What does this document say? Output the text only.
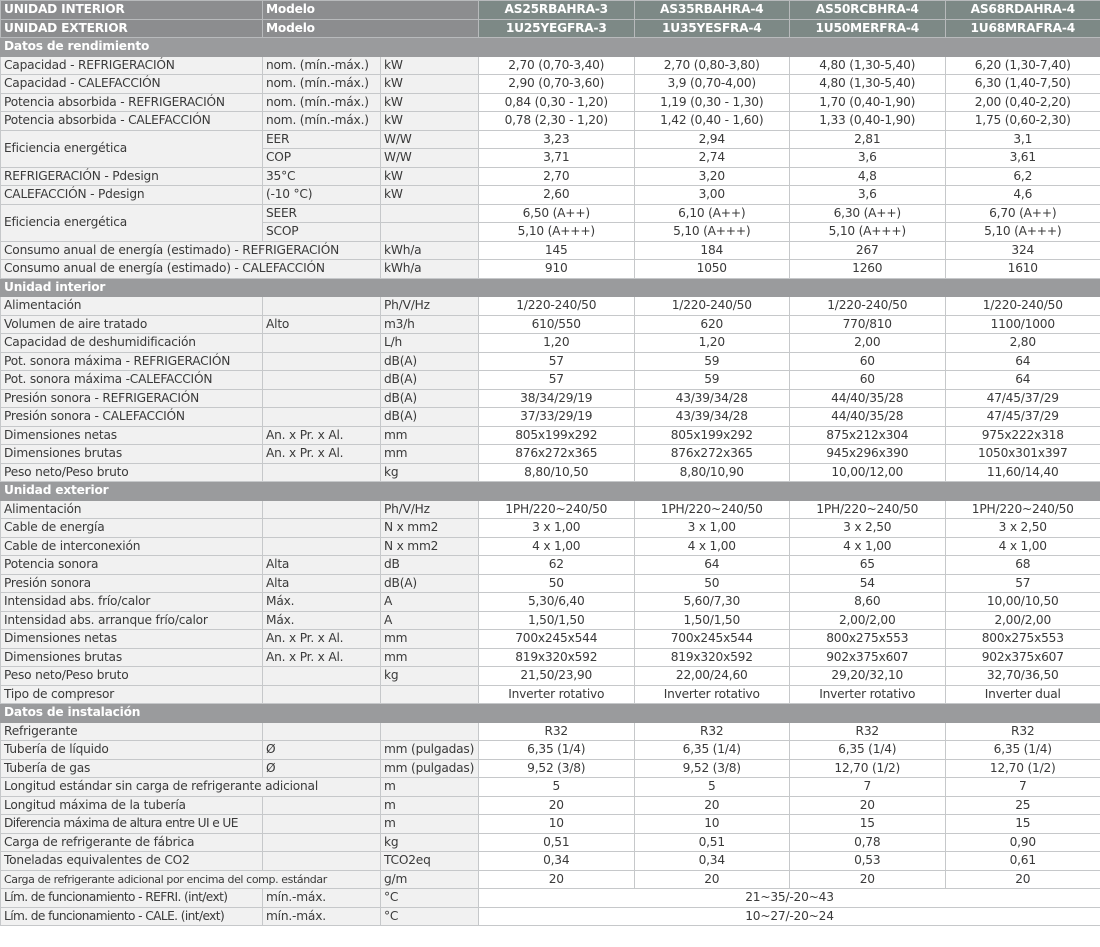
UNIDAD INTERIOR	Modelo		AS25RBAHRA-3	AS35RBAHRA-4	AS50RCBHRA-4	AS68RDAHRA-4
UNIDAD EXTERIOR	Modelo		1U25YEGFRA-3	1U35YESFRA-4	1U50MERFRA-4	1U68MRAFRA-4
Datos de rendimiento						
Capacidad - REFRIGERACIÓN	nom. (mín.-máx.)	kW	2,70 (0,70-3,40)	2,70 (0,80-3,80)	4,80 (1,30-5,40)	6,20 (1,30-7,40)
Capacidad - CALEFACCIÓN	nom. (mín.-máx.)	kW	2,90 (0,70-3,60)	3,9 (0,70-4,00)	4,80 (1,30-5,40)	6,30 (1,40-7,50)
Potencia absorbida - REFRIGERACIÓN	nom. (mín.-máx.)	kW	0,84 (0,30 - 1,20)	1,19 (0,30 - 1,30)	1,70 (0,40-1,90)	2,00 (0,40-2,20)
Potencia absorbida - CALEFACCIÓN	nom. (mín.-máx.)	kW	0,78 (2,30 - 1,20)	1,42 (0,40 - 1,60)	1,33 (0,40-1,90)	1,75 (0,60-2,30)
Eficiencia energética	EER	W/W	3,23	2,94	2,81	3,1
	COP	W/W	3,71	2,74	3,6	3,61
REFRIGERACIÓN - Pdesign	35°C	kW	2,70	3,20	4,8	6,2
CALEFACCIÓN - Pdesign	(-10 °C)	kW	2,60	3,00	3,6	4,6
Eficiencia energética	SEER		6,50 (A++)	6,10 (A++)	6,30 (A++)	6,70 (A++)
	SCOP		5,10 (A+++)	5,10 (A+++)	5,10 (A+++)	5,10 (A+++)
Consumo anual de energía (estimado) - REFRIGERACIÓN		kWh/a	145	184	267	324
Consumo anual de energía (estimado) - CALEFACCIÓN		kWh/a	910	1050	1260	1610
Unidad interior						
Alimentación		Ph/V/Hz	1/220-240/50	1/220-240/50	1/220-240/50	1/220-240/50
Volumen de aire tratado	Alto	m3/h	610/550	620	770/810	1100/1000
Capacidad de deshumidificación		L/h	1,20	1,20	2,00	2,80
Pot. sonora máxima - REFRIGERACIÓN		dB(A)	57	59	60	64
Pot. sonora máxima -CALEFACCIÓN		dB(A)	57	59	60	64
Presión sonora - REFRIGERACIÓN		dB(A)	38/34/29/19	43/39/34/28	44/40/35/28	47/45/37/29
Presión sonora - CALEFACCIÓN		dB(A)	37/33/29/19	43/39/34/28	44/40/35/28	47/45/37/29
Dimensiones netas	An. x Pr. x Al.	mm	805x199x292	805x199x292	875x212x304	975x222x318
Dimensiones brutas	An. x Pr. x Al.	mm	876x272x365	876x272x365	945x296x390	1050x301x397
Peso neto/Peso bruto		kg	8,80/10,50	8,80/10,90	10,00/12,00	11,60/14,40
Unidad exterior						
Alimentación		Ph/V/Hz	1PH/220~240/50	1PH/220~240/50	1PH/220~240/50	1PH/220~240/50
Cable de energía		N x mm2	3 x 1,00	3 x 1,00	3 x 2,50	3 x 2,50
Cable de interconexión		N x mm2	4 x 1,00	4 x 1,00	4 x 1,00	4 x 1,00
Potencia sonora	Alta	dB	62	64	65	68
Presión sonora	Alta	dB(A)	50	50	54	57
Intensidad abs. frío/calor	Máx.	A	5,30/6,40	5,60/7,30	8,60	10,00/10,50
Intensidad abs. arranque frío/calor	Máx.	A	1,50/1,50	1,50/1,50	2,00/2,00	2,00/2,00
Dimensiones netas	An. x Pr. x Al.	mm	700x245x544	700x245x544	800x275x553	800x275x553
Dimensiones brutas	An. x Pr. x Al.	mm	819x320x592	819x320x592	902x375x607	902x375x607
Peso neto/Peso bruto		kg	21,50/23,90	22,00/24,60	29,20/32,10	32,70/36,50
Tipo de compresor			Inverter rotativo	Inverter rotativo	Inverter rotativo	Inverter dual
Datos de instalación						
Refrigerante			R32	R32	R32	R32
Tubería de líquido	Ø	mm (pulgadas)	6,35 (1/4)	6,35 (1/4)	6,35 (1/4)	6,35 (1/4)
Tubería de gas	Ø	mm (pulgadas)	9,52 (3/8)	9,52 (3/8)	12,70 (1/2)	12,70 (1/2)
Longitud estándar sin carga de refrigerante adicional		m	5	5	7	7
Longitud máxima de la tubería		m	20	20	20	25
Diferencia máxima de altura entre UI e UE		m	10	10	15	15
Carga de refrigerante de fábrica		kg	0,51	0,51	0,78	0,90
Toneladas equivalentes de CO2		TCO2eq	0,34	0,34	0,53	0,61
Carga de refrigerante adicional por encima del comp. estándar		g/m	20	20	20	20
Lím. de funcionamiento - REFRI. (int/ext)	mín.-máx.	°C	21~35/-20~43			
Lím. de funcionamiento - CALE. (int/ext)	mín.-máx.	°C	10~27/-20~24			
